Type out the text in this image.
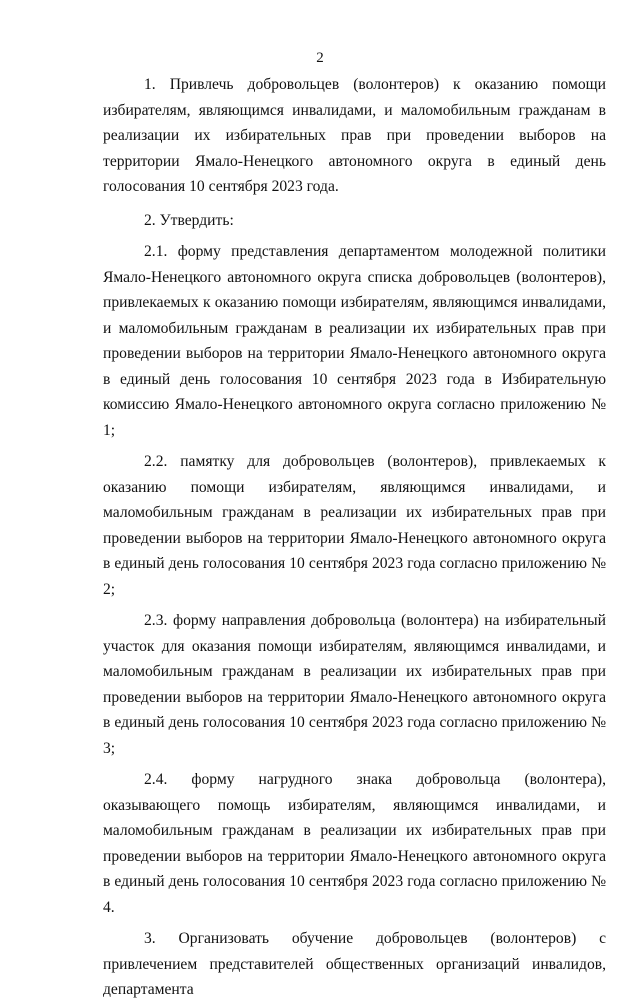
2

1. Привлечь добровольцев (волонтеров) к оказанию помощи избирателям, являющимся инвалидами, и маломобильным гражданам в реализации их избирательных прав при проведении выборов на территории Ямало-Ненецкого автономного округа в единый день голосования 10 сентября 2023 года.

2. Утвердить:

2.1. форму представления департаментом молодежной политики Ямало-Ненецкого автономного округа списка добровольцев (волонтеров), привлекаемых к оказанию помощи избирателям, являющимся инвалидами, и маломобильным гражданам в реализации их избирательных прав при проведении выборов на территории Ямало-Ненецкого автономного округа в единый день голосования 10 сентября 2023 года в Избирательную комиссию Ямало-Ненецкого автономного округа согласно приложению № 1;

2.2. памятку для добровольцев (волонтеров), привлекаемых к оказанию помощи избирателям, являющимся инвалидами, и маломобильным гражданам в реализации их избирательных прав при проведении выборов на территории Ямало-Ненецкого автономного округа в единый день голосования 10 сентября 2023 года согласно приложению № 2;

2.3. форму направления добровольца (волонтера) на избирательный участок для оказания помощи избирателям, являющимся инвалидами, и маломобильным гражданам в реализации их избирательных прав при проведении выборов на территории Ямало-Ненецкого автономного округа в единый день голосования 10 сентября 2023 года согласно приложению № 3;

2.4. форму нагрудного знака добровольца (волонтера), оказывающего помощь избирателям, являющимся инвалидами, и маломобильным гражданам в реализации их избирательных прав при проведении выборов на территории Ямало-Ненецкого автономного округа в единый день голосования 10 сентября 2023 года согласно приложению № 4.

3. Организовать обучение добровольцев (волонтеров) с привлечением представителей общественных организаций инвалидов, департамента
